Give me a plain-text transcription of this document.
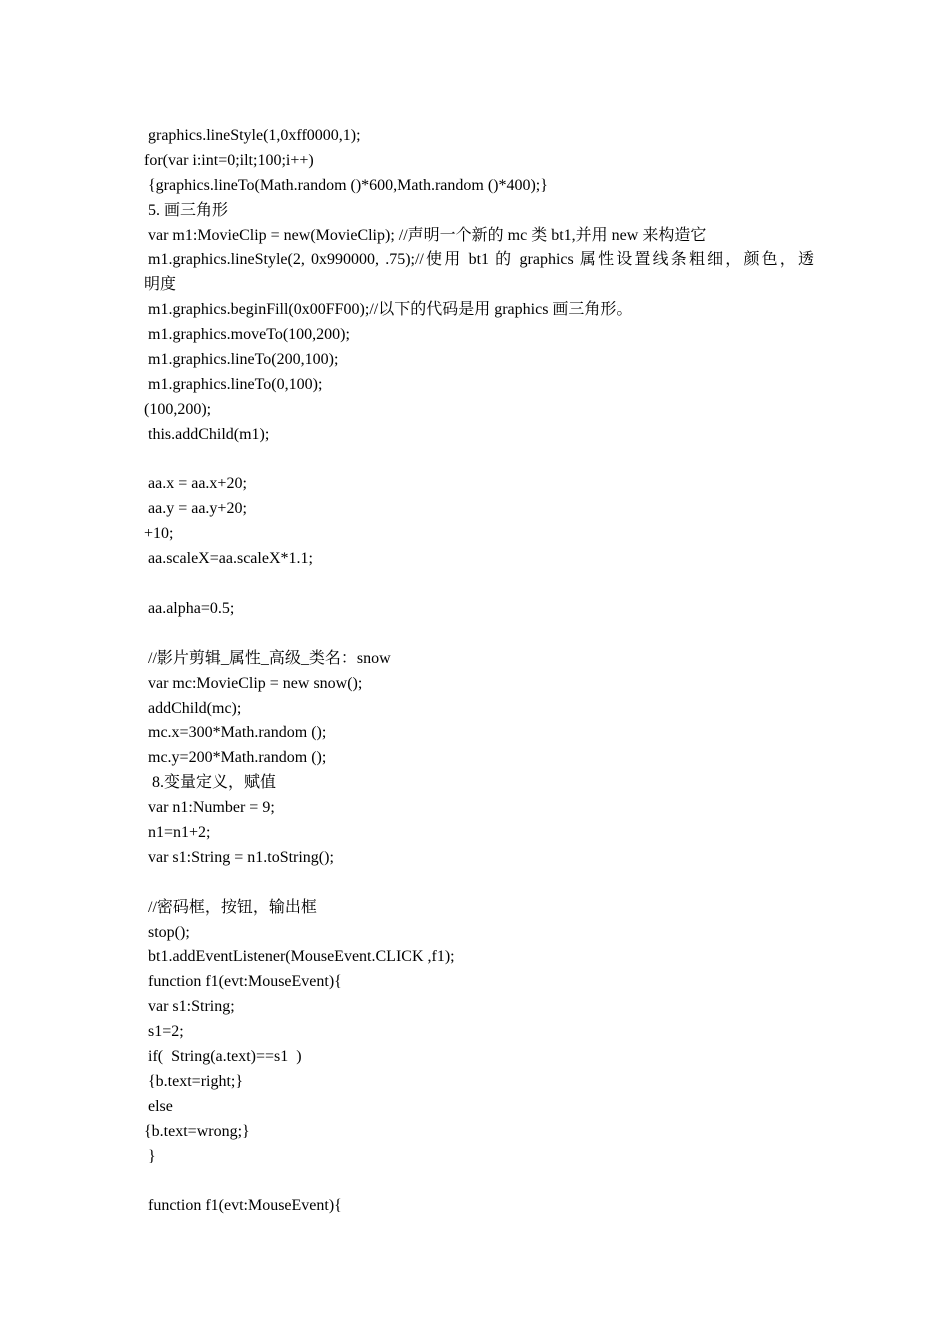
graphics.lineStyle(1,0xff0000,1);
for(var i:int=0;ilt;100;i++)
{graphics.lineTo(Math.random ()*600,Math.random ()*400);}
5. 画三角形
var m1:MovieClip = new(MovieClip); //声明一个新的 mc 类 bt1,并用 new 来构造它
m1.graphics.lineStyle(2, 0x990000, .75);//使用 bt1 的 graphics 属性设置线条粗细，颜色，透
明度
m1.graphics.beginFill(0x00FF00);//以下的代码是用 graphics 画三角形。
m1.graphics.moveTo(100,200);
m1.graphics.lineTo(200,100);
m1.graphics.lineTo(0,100);
(100,200);
this.addChild(m1);
aa.x = aa.x+20;
aa.y = aa.y+20;
+10;
aa.scaleX=aa.scaleX*1.1;
aa.alpha=0.5;
//影片剪辑_属性_高级_类名：snow
var mc:MovieClip = new snow();
addChild(mc);
mc.x=300*Math.random ();
mc.y=200*Math.random ();
8.变量定义，赋值
var n1:Number = 9;
n1=n1+2;
var s1:String = n1.toString();
//密码框，按钮，输出框
stop();
bt1.addEventListener(MouseEvent.CLICK ,f1);
function f1(evt:MouseEvent){
var s1:String;
s1=2;
if(  String(a.text)==s1  )
{b.text=right;}
else
{b.text=wrong;}
}
function f1(evt:MouseEvent){
